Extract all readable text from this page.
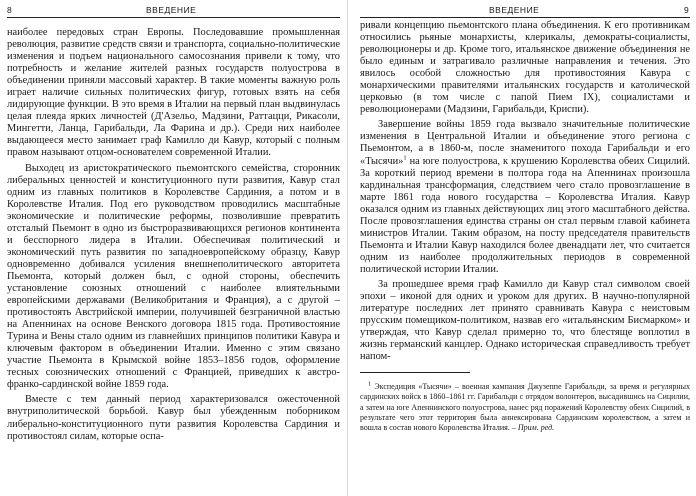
8	ВВЕДЕНИЕ

наиболее передовых стран Европы. Последовавшие промышленная революция, развитие средств связи и транспорта, социально-политические изменения и подъем национального самосознания привели к тому, что потребность и желание жителей разных государств полуострова в объединении приняли массовый характер. В такие моменты важную роль играет наличие сильных политических фигур, готовых взять на себя лидирующие функции. В это время в Италии на первый план выдвинулась целая плеяда ярких личностей (Д'Азельо, Мадзини, Раттацци, Рикасоли, Мингетти, Ланца, Гарибальди, Ла Фарина и др.). Среди них наиболее выдающееся место занимает граф Камилло ди Кавур, который с полным правом называют отцом-основателем современной Италии.

Выходец из аристократического пьемонтского семейства, сторонник либеральных ценностей и конституционного пути развития, Кавур стал одним из главных политиков в Королевстве Сардиния, а потом и в Королевстве Италия. Под его руководством проводились масштабные экономические и политические реформы, позволившие превратить отсталый Пьемонт в одно из быстроразвивающихся регионов континента и бесспорного лидера в Италии. Обеспечивая политический и экономический путь развития по западноевропейскому образцу, Кавур одновременно добивался усиления внешнеполитического авторитета Пьемонта, который должен был, с одной стороны, обеспечить установление союзных отношений с наиболее влиятельными европейскими державами (Великобритания и Франция), а с другой – противостоять Австрийской империи, получившей безграничной властью на Апеннинах на основе Венского договора 1815 года. Противостояние Турина и Вены стало одним из главнейших принципов политики Кавура и ключевым фактором в объединении Италии. Именно с этим связано участие Пьемонта в Крымской войне 1853–1856 годов, оформление тесных союзнических отношений с Францией, приведших к австро-франко-сардинской войне 1859 года.

Вместе с тем данный период характеризовался ожесточенной внутриполитической борьбой. Кавур был убежденным поборником либерально-конституционного пути развития Королевства Сардиния и противостоял силам, которые оспа-

ВВЕДЕНИЕ	9

ривали концепцию пьемонтского плана объединения. К его противникам относились рьяные монархисты, клерикалы, демократы-социалисты, революционеры и др. Кроме того, итальянское движение объединения не было единым и затрагивало различные направления и течения. Это явилось особой сложностью для противостояния Кавура с монархическими правителями итальянских государств и католической церковью (в том числе с папой Пием IX), социалистами и революционерами (Мадзини, Гарибальди, Криспи).

Завершение войны 1859 года вызвало значительные политические изменения в Центральной Италии и объединение этого региона с Пьемонтом, а в 1860-м, после знаменитого похода Гарибальди и его «Тысячи»$^1$ на юге полуострова, к крушению Королевства обеих Сицилий. За короткий период времени в полтора года на Апеннинах произошла кардинальная трансформация, следствием чего стало провозглашение в марте 1861 года нового государства – Королевства Италия. Кавур оказался одним из главных действующих лиц этого масштабного действа. После провозглашения единства страны он стал первым главой кабинета министров Италии. Таким образом, на посту председателя правительств Пьемонта и Италии Кавур находился более двенадцати лет, что считается одним из наиболее продолжительных периодов в современной политической истории Италии.

За прошедшее время граф Камилло ди Кавур стал символом своей эпохи – иконой для одних и уроком для других. В научно-популярной литературе последних лет принято сравнивать Кавура с неистовым прусским помещиком-политиком, назвав его «итальянским Бисмарком» и утверждая, что Кавур сделал примерно то, что блестяще воплотил в жизнь германский канцлер. Однако историческая справедливость требует напом-

$^1$ Экспедиция «Тысячи» – военная кампания Джузеппе Гарибальди, за время и регулярных сардинских войск в 1860–1861 гг. Гарибальди с отрядом волонтеров, высадившись на Сицилии, а затем на юге Апеннинского полуострова, нанес ряд поражений Королевству обеих Сицилий, в результате чего этот территория была аннексирована Сардинским королевством, а затем и вошла в состав нового Королевства Италия. – Прим. ред.
